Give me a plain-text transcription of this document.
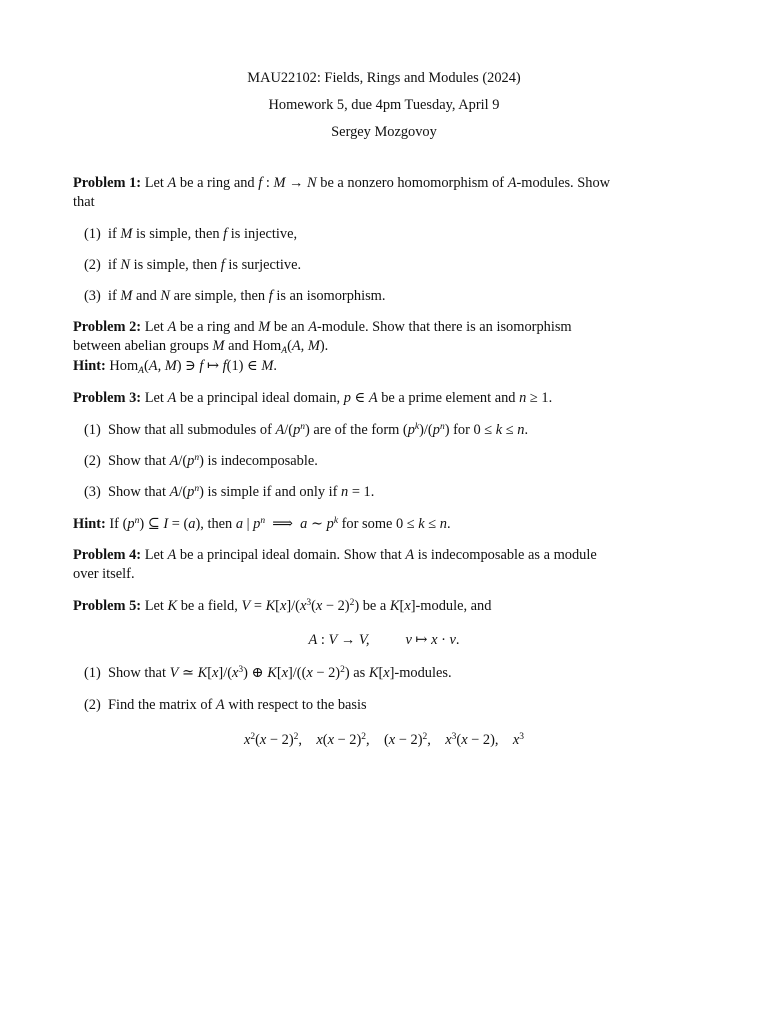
MAU22102: Fields, Rings and Modules (2024)
Homework 5, due 4pm Tuesday, April 9
Sergey Mozgovoy
Problem 1: Let A be a ring and f : M → N be a nonzero homomorphism of A-modules. Show
that
(1) if M is simple, then f is injective,
(2) if N is simple, then f is surjective.
(3) if M and N are simple, then f is an isomorphism.
Problem 2: Let A be a ring and M be an A-module. Show that there is an isomorphism
between abelian groups M and Hom$_A$(A, M).
Hint: Hom$_A$(A, M) ∋ f ↦ f(1) ∈ M.
Problem 3: Let A be a principal ideal domain, p ∈ A be a prime element and n ≥ 1.
(1) Show that all submodules of $A/(p^n)$ are of the form $(p^k)/(p^n)$ for 0 ≤ k ≤ n.
(2) Show that $A/(p^n)$ is indecomposable.
(3) Show that $A/(p^n)$ is simple if and only if n = 1.
Hint: If $(p^n)$ ⊆ I = (a), then a | $p^n$  ⟹  a ∼ $p^k$ for some 0 ≤ k ≤ n.
Problem 4: Let A be a principal ideal domain. Show that A is indecomposable as a module
over itself.
Problem 5: Let K be a field, $V = K[x]/(x^3(x - 2)^2)$ be a K[x]-module, and
A : V → V, v ↦ x · v.
(1) Show that V ≃ $K[x]/(x^3)$ ⊕ $K[x]/((x - 2)^2)$ as K[x]-modules.
(2) Find the matrix of A with respect to the basis
$x^2(x - 2)^2$,    $x(x - 2)^2$,    $(x - 2)^2$,    $x^3(x - 2)$,    $x^3$
